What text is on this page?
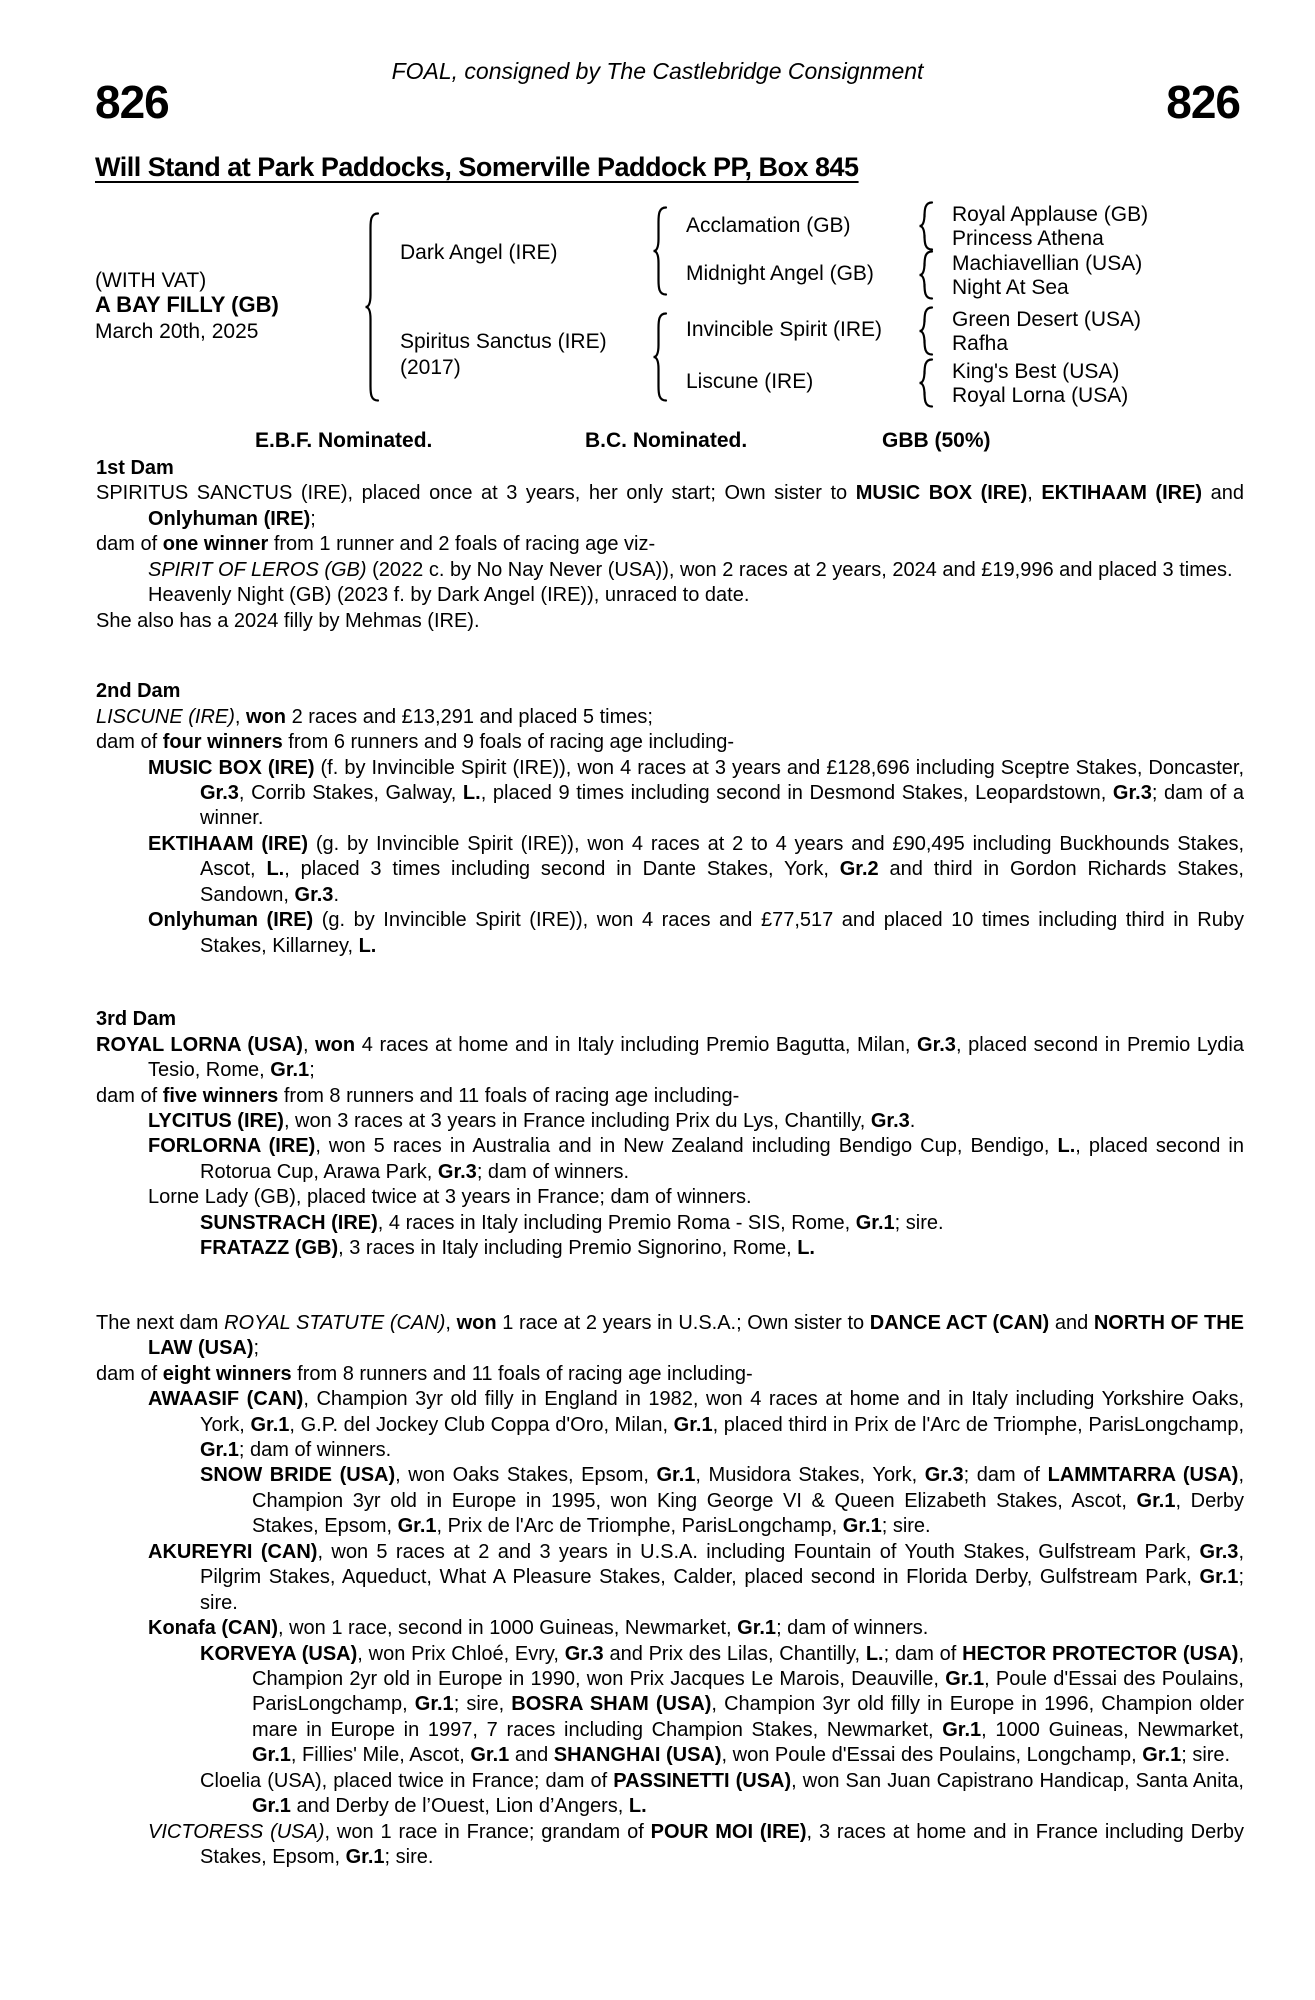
FOAL, consigned by The Castlebridge Consignment
826	826
Will Stand at Park Paddocks, Somerville Paddock PP, Box 845
(WITH VAT)
A BAY FILLY (GB)
March 20th, 2025
Dark Angel (IRE)
Spiritus Sanctus (IRE)
(2017)
Acclamation (GB)
Midnight Angel (GB)
Invincible Spirit (IRE)
Liscune (IRE)
Royal Applause (GB)
Princess Athena
Machiavellian (USA)
Night At Sea
Green Desert (USA)
Rafha
King's Best (USA)
Royal Lorna (USA)
E.B.F. Nominated.	B.C. Nominated.	GBB (50%)

1st Dam

SPIRITUS SANCTUS (IRE), placed once at 3 years, her only start; Own sister to MUSIC BOX (IRE), EKTIHAAM (IRE) and Onlyhuman (IRE);

dam of one winner from 1 runner and 2 foals of racing age viz-

SPIRIT OF LEROS (GB) (2022 c. by No Nay Never (USA)), won 2 races at 2 years, 2024 and £19,996 and placed 3 times.

Heavenly Night (GB) (2023 f. by Dark Angel (IRE)), unraced to date.

She also has a 2024 filly by Mehmas (IRE).

2nd Dam

LISCUNE (IRE), won 2 races and £13,291 and placed 5 times;

dam of four winners from 6 runners and 9 foals of racing age including-

MUSIC BOX (IRE) (f. by Invincible Spirit (IRE)), won 4 races at 3 years and £128,696 including Sceptre Stakes, Doncaster, Gr.3, Corrib Stakes, Galway, L., placed 9 times including second in Desmond Stakes, Leopardstown, Gr.3; dam of a winner.

EKTIHAAM (IRE) (g. by Invincible Spirit (IRE)), won 4 races at 2 to 4 years and £90,495 including Buckhounds Stakes, Ascot, L., placed 3 times including second in Dante Stakes, York, Gr.2 and third in Gordon Richards Stakes, Sandown, Gr.3.

Onlyhuman (IRE) (g. by Invincible Spirit (IRE)), won 4 races and £77,517 and placed 10 times including third in Ruby Stakes, Killarney, L.

3rd Dam

ROYAL LORNA (USA), won 4 races at home and in Italy including Premio Bagutta, Milan, Gr.3, placed second in Premio Lydia Tesio, Rome, Gr.1;

dam of five winners from 8 runners and 11 foals of racing age including-

LYCITUS (IRE), won 3 races at 3 years in France including Prix du Lys, Chantilly, Gr.3.

FORLORNA (IRE), won 5 races in Australia and in New Zealand including Bendigo Cup, Bendigo, L., placed second in Rotorua Cup, Arawa Park, Gr.3; dam of winners.

Lorne Lady (GB), placed twice at 3 years in France; dam of winners.

SUNSTRACH (IRE), 4 races in Italy including Premio Roma - SIS, Rome, Gr.1; sire.

FRATAZZ (GB), 3 races in Italy including Premio Signorino, Rome, L.

The next dam ROYAL STATUTE (CAN), won 1 race at 2 years in U.S.A.; Own sister to DANCE ACT (CAN) and NORTH OF THE LAW (USA);

dam of eight winners from 8 runners and 11 foals of racing age including-

AWAASIF (CAN), Champion 3yr old filly in England in 1982, won 4 races at home and in Italy including Yorkshire Oaks, York, Gr.1, G.P. del Jockey Club Coppa d'Oro, Milan, Gr.1, placed third in Prix de l'Arc de Triomphe, ParisLongchamp, Gr.1; dam of winners.

SNOW BRIDE (USA), won Oaks Stakes, Epsom, Gr.1, Musidora Stakes, York, Gr.3; dam of LAMMTARRA (USA), Champion 3yr old in Europe in 1995, won King George VI & Queen Elizabeth Stakes, Ascot, Gr.1, Derby Stakes, Epsom, Gr.1, Prix de l'Arc de Triomphe, ParisLongchamp, Gr.1; sire.

AKUREYRI (CAN), won 5 races at 2 and 3 years in U.S.A. including Fountain of Youth Stakes, Gulfstream Park, Gr.3, Pilgrim Stakes, Aqueduct, What A Pleasure Stakes, Calder, placed second in Florida Derby, Gulfstream Park, Gr.1; sire.

Konafa (CAN), won 1 race, second in 1000 Guineas, Newmarket, Gr.1; dam of winners.

KORVEYA (USA), won Prix Chloé, Evry, Gr.3 and Prix des Lilas, Chantilly, L.; dam of HECTOR PROTECTOR (USA), Champion 2yr old in Europe in 1990, won Prix Jacques Le Marois, Deauville, Gr.1, Poule d'Essai des Poulains, ParisLongchamp, Gr.1; sire, BOSRA SHAM (USA), Champion 3yr old filly in Europe in 1996, Champion older mare in Europe in 1997, 7 races including Champion Stakes, Newmarket, Gr.1, 1000 Guineas, Newmarket, Gr.1, Fillies' Mile, Ascot, Gr.1 and SHANGHAI (USA), won Poule d'Essai des Poulains, Longchamp, Gr.1; sire.

Cloelia (USA), placed twice in France; dam of PASSINETTI (USA), won San Juan Capistrano Handicap, Santa Anita, Gr.1 and Derby de l’Ouest, Lion d’Angers, L.

VICTORESS (USA), won 1 race in France; grandam of POUR MOI (IRE), 3 races at home and in France including Derby Stakes, Epsom, Gr.1; sire.
